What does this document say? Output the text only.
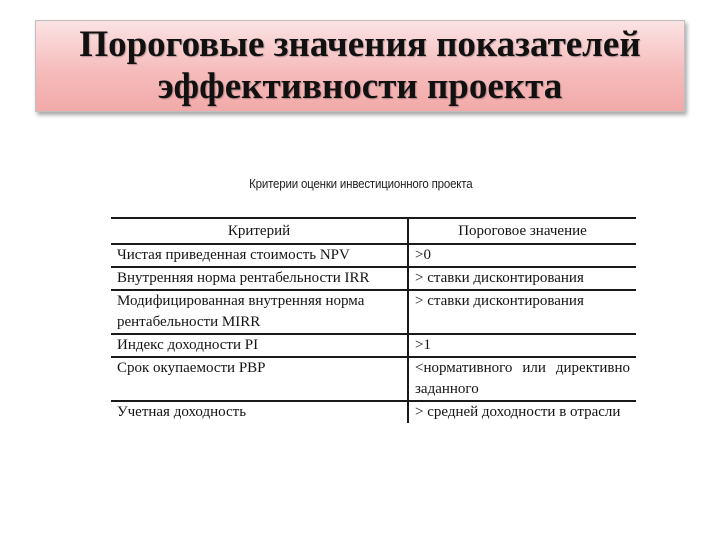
Пороговые значения показателей
эффективности проекта
Критерии оценки инвестиционного проекта
Критерий	Пороговое значение

Чистая приведенная стоимость NPV	>0

Внутренняя норма рентабельности IRR	> ставки дисконтирования

Модифицированная внутренняя норма
рентабельности MIRR	> ставки дисконтирования

Индекс доходности PI	>1

Срок окупаемости PBP	<нормативного или директивно
заданного

Учетная доходность	> средней доходности в отрасли
